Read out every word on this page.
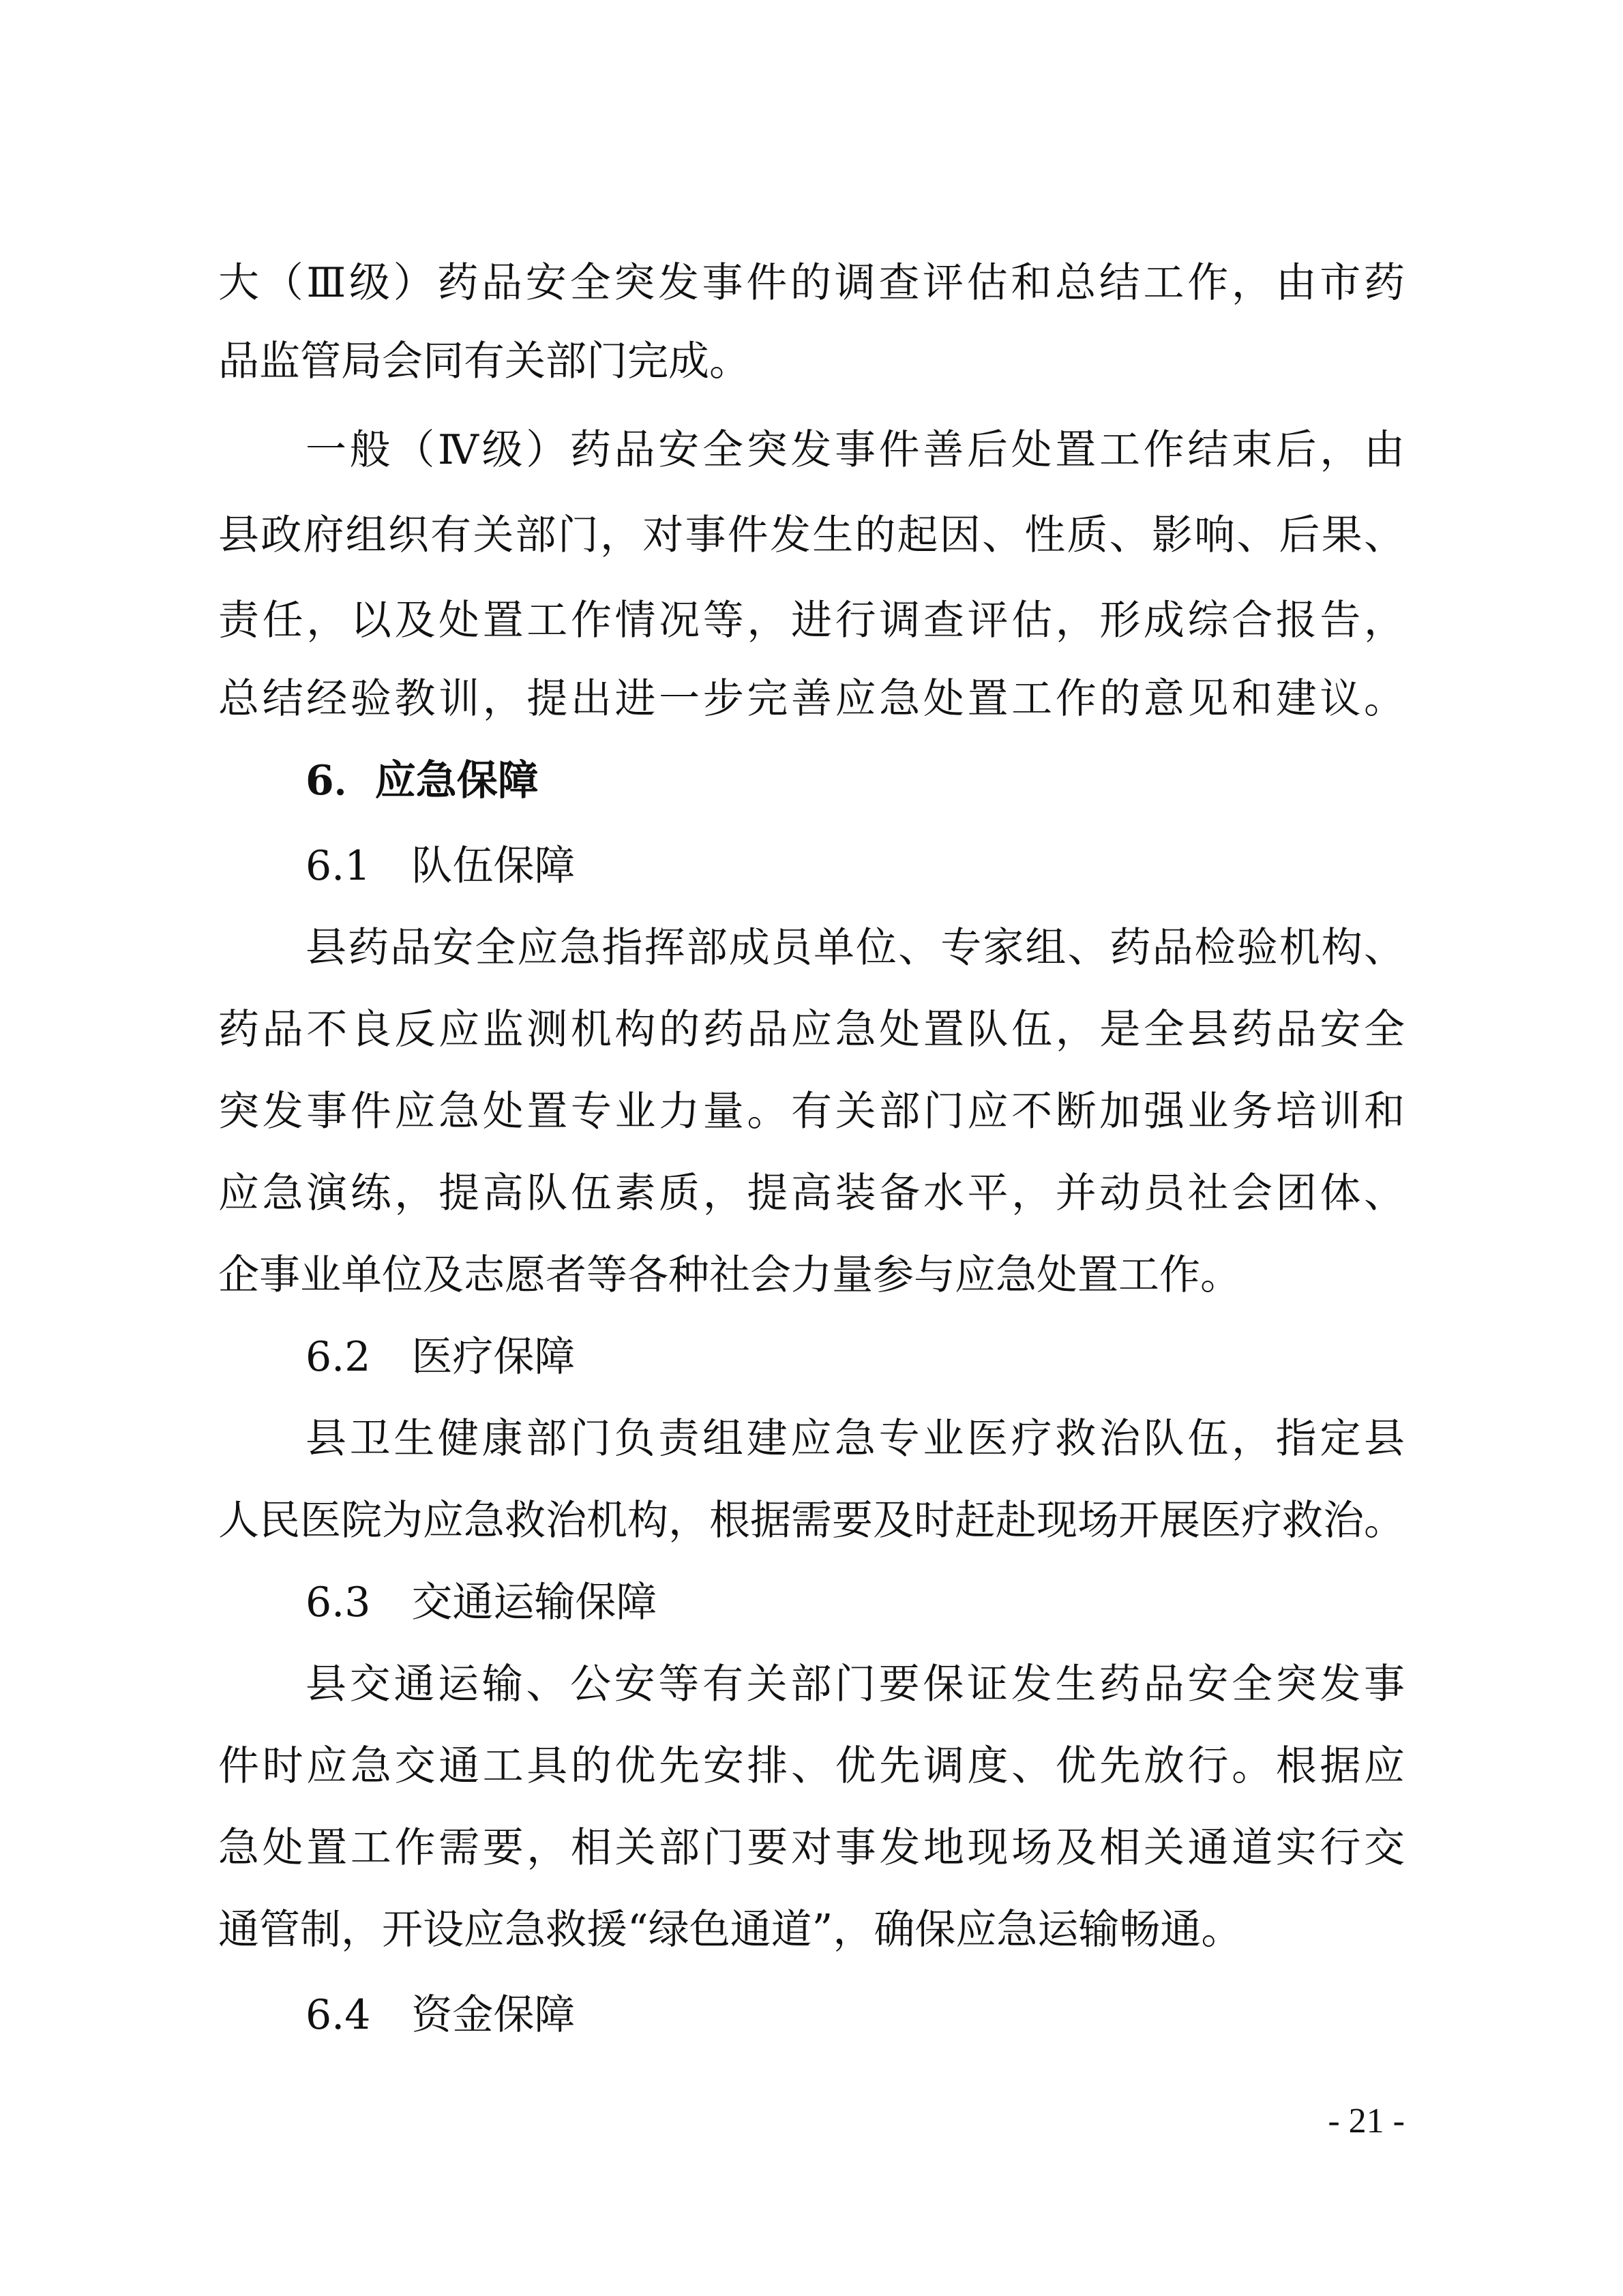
大（Ⅲ级）药品安全突发事件的调查评估和总结工作，由市药
品监管局会同有关部门完成。
一般（Ⅳ级）药品安全突发事件善后处置工作结束后，由
县政府组织有关部门，对事件发生的起因、性质、影响、后果、
责任，以及处置工作情况等，进行调查评估，形成综合报告，
总结经验教训，提出进一步完善应急处置工作的意见和建议。
6．应急保障
6.1　队伍保障
县药品安全应急指挥部成员单位、专家组、药品检验机构、
药品不良反应监测机构的药品应急处置队伍，是全县药品安全
突发事件应急处置专业力量。有关部门应不断加强业务培训和
应急演练，提高队伍素质，提高装备水平，并动员社会团体、
企事业单位及志愿者等各种社会力量参与应急处置工作。
6.2　医疗保障
县卫生健康部门负责组建应急专业医疗救治队伍，指定县
人民医院为应急救治机构，根据需要及时赶赴现场开展医疗救治。
6.3　交通运输保障
县交通运输、公安等有关部门要保证发生药品安全突发事
件时应急交通工具的优先安排、优先调度、优先放行。根据应
急处置工作需要，相关部门要对事发地现场及相关通道实行交
通管制，开设应急救援“绿色通道”，确保应急运输畅通。
6.4　资金保障
- 21 -
